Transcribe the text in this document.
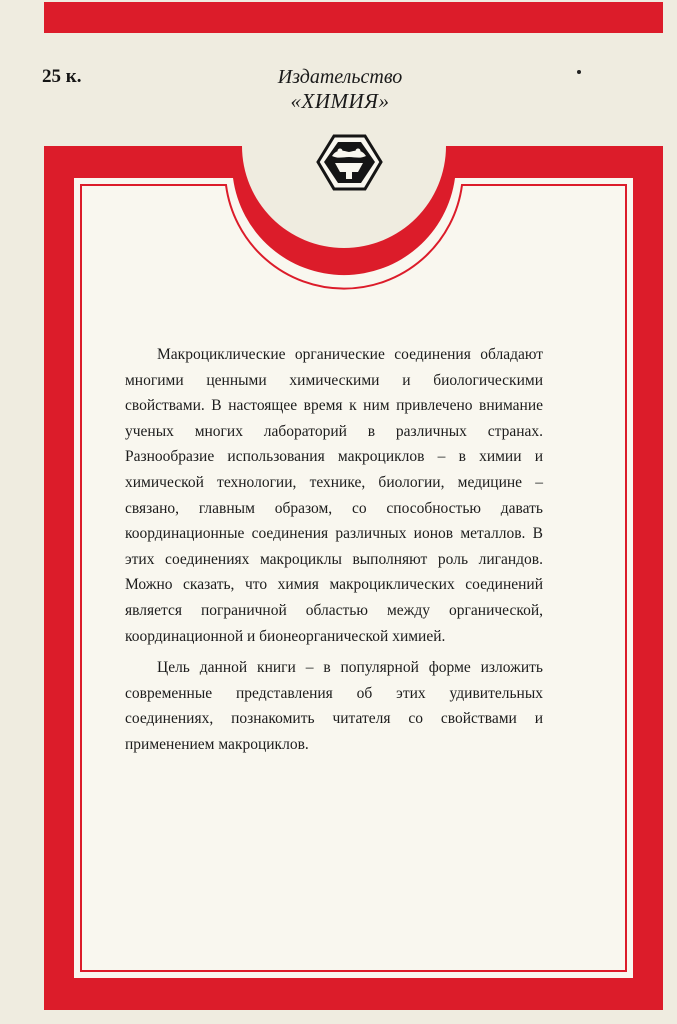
25 к.	Издательство
«ХИМИЯ»

Макроциклические органические соединения обладают многими ценными химическими и биологическими свойствами. В настоящее время к ним привлечено внимание ученых многих лабораторий в различных странах. Разнообразие использования макроциклов – в химии и химической технологии, технике, биологии, медицине – связано, главным образом, со способностью давать координационные соединения различных ионов металлов. В этих соединениях макроциклы выполняют роль лигандов. Можно сказать, что химия макроциклических соединений является пограничной областью между органической, координационной и бионеорганической химией.

Цель данной книги – в популярной форме изложить современные представления об этих удивительных соединениях, познакомить читателя со свойствами и применением макроциклов.
